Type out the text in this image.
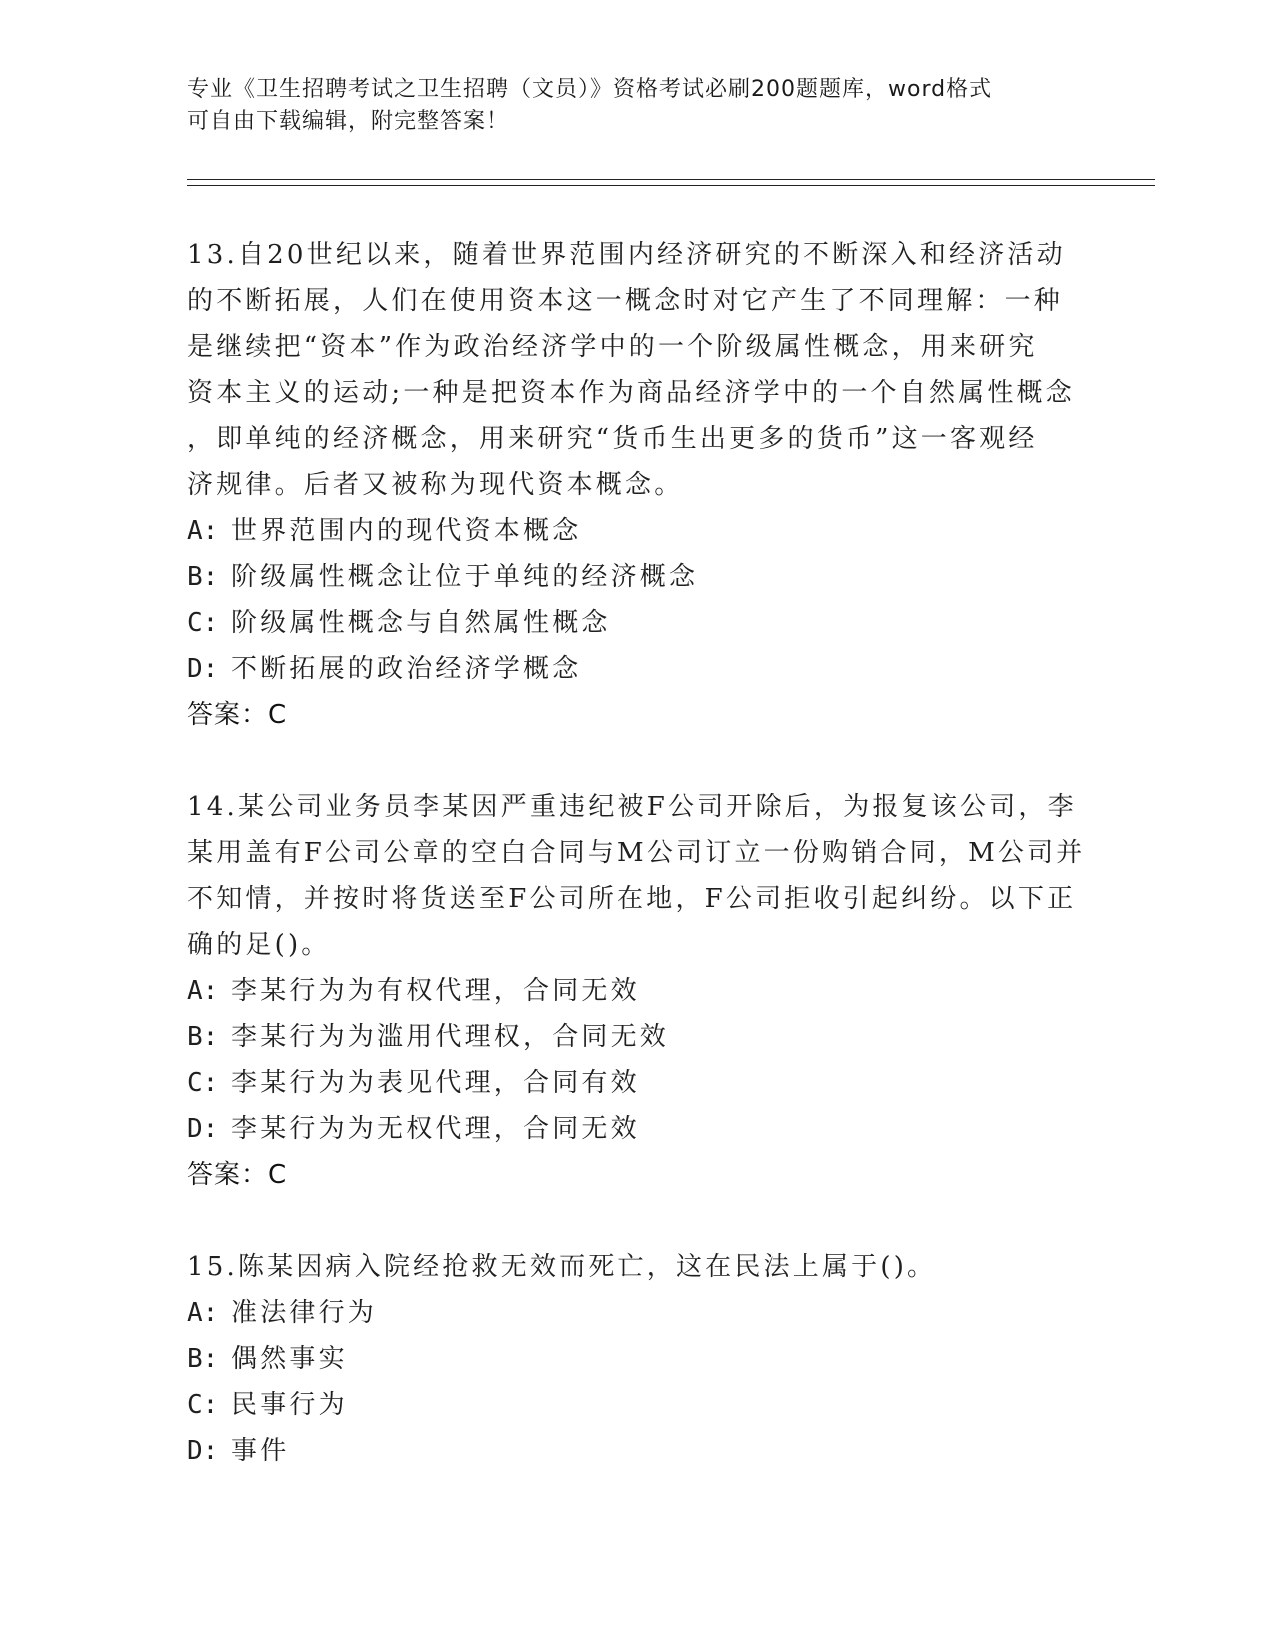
专业《卫生招聘考试之卫生招聘（文员）》资格考试必刷200题题库，word格式
可自由下载编辑，附完整答案！
13.自20世纪以来，随着世界范围内经济研究的不断深入和经济活动
的不断拓展，人们在使用资本这一概念时对它产生了不同理解：一种
是继续把“资本”作为政治经济学中的一个阶级属性概念，用来研究
资本主义的运动;一种是把资本作为商品经济学中的一个自然属性概念
，即单纯的经济概念，用来研究“货币生出更多的货币”这一客观经
济规律。后者又被称为现代资本概念。
A: 世界范围内的现代资本概念
B: 阶级属性概念让位于单纯的经济概念
C: 阶级属性概念与自然属性概念
D: 不断拓展的政治经济学概念
答案：C
14.某公司业务员李某因严重违纪被F公司开除后，为报复该公司，李
某用盖有F公司公章的空白合同与M公司订立一份购销合同，M公司并
不知情，并按时将货送至F公司所在地，F公司拒收引起纠纷。以下正
确的足()。
A: 李某行为为有权代理，合同无效
B: 李某行为为滥用代理权，合同无效
C: 李某行为为表见代理，合同有效
D: 李某行为为无权代理，合同无效
答案：C
15.陈某因病入院经抢救无效而死亡，这在民法上属于()。
A: 准法律行为
B: 偶然事实
C: 民事行为
D: 事件
